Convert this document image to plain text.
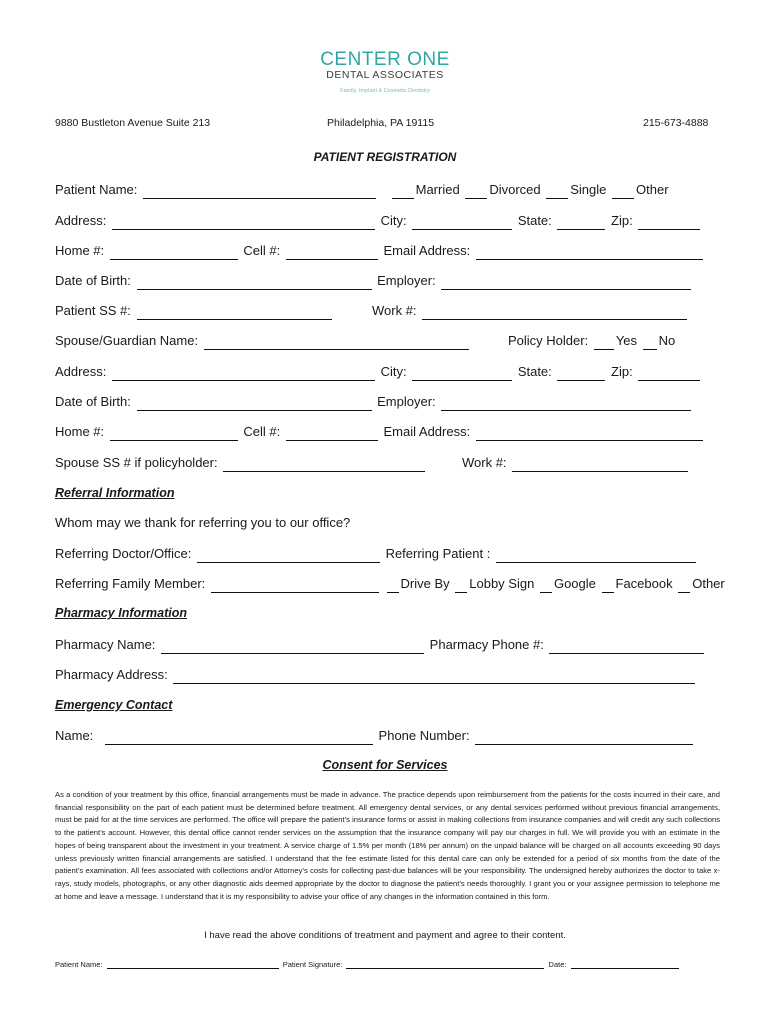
CENTER ONE
DENTAL ASSOCIATES
Family, Implant & Cosmetic Dentistry
9880 Bustleton Avenue Suite 213	Philadelphia, PA 19115	215-673-4888
PATIENT REGISTRATION
Patient Name:	Married Divorced Single Other
Address:	City:	State:	Zip:
Home #:	Cell #:	Email Address:
Date of Birth:	Employer:
Patient SS #:	Work #:
Spouse/Guardian Name:	Policy Holder: Yes No
Address:	City:	State:	Zip:
Date of Birth:	Employer:
Home #:	Cell #:	Email Address:
Spouse SS # if policyholder:	Work #:
Referral Information
Whom may we thank for referring you to our office?
Referring Doctor/Office:	Referring Patient :
Referring Family Member:	Drive By Lobby Sign Google Facebook Other
Pharmacy Information
Pharmacy Name:	Pharmacy Phone #:
Pharmacy Address:
Emergency Contact
Name:	Phone Number:
Consent for Services
As a condition of your treatment by this office, financial arrangements must be made in advance. The practice depends upon reimbursement from the patients for the costs incurred in their care, and financial responsibility on the part of each patient must be determined before treatment. All emergency dental services, or any dental services performed without previous financial arrangements, must be paid for at the time services are performed. The office will prepare the patient’s insurance forms or assist in making collections from insurance companies and will credit any such collections to the patient’s account. However, this dental office cannot render services on the assumption that the insurance company will pay our charges in full. We will provide you with an estimate in the hopes of being transparent about the investment in your treatment. A service charge of 1.5% per month (18% per annum) on the unpaid balance will be charged on all accounts exceeding 90 days unless previously written financial arrangements are satisfied. I understand that the fee estimate listed for this dental care can only be extended for a period of six months from the date of the patient’s examination. All fees associated with collections and/or Attorney’s costs for collecting past-due balances will be your responsibility. The undersigned hereby authorizes the doctor to take x-rays, study models, photographs, or any other diagnostic aids deemed appropriate by the doctor to diagnose the patient’s needs thoroughly. I grant you or your assignee permission to telephone me at home and leave a message. I understand that it is my responsibility to advise your office of any changes in the information contained in this form.
I have read the above conditions of treatment and payment and agree to their content.
Patient Name:	Patient Signature:	Date:
